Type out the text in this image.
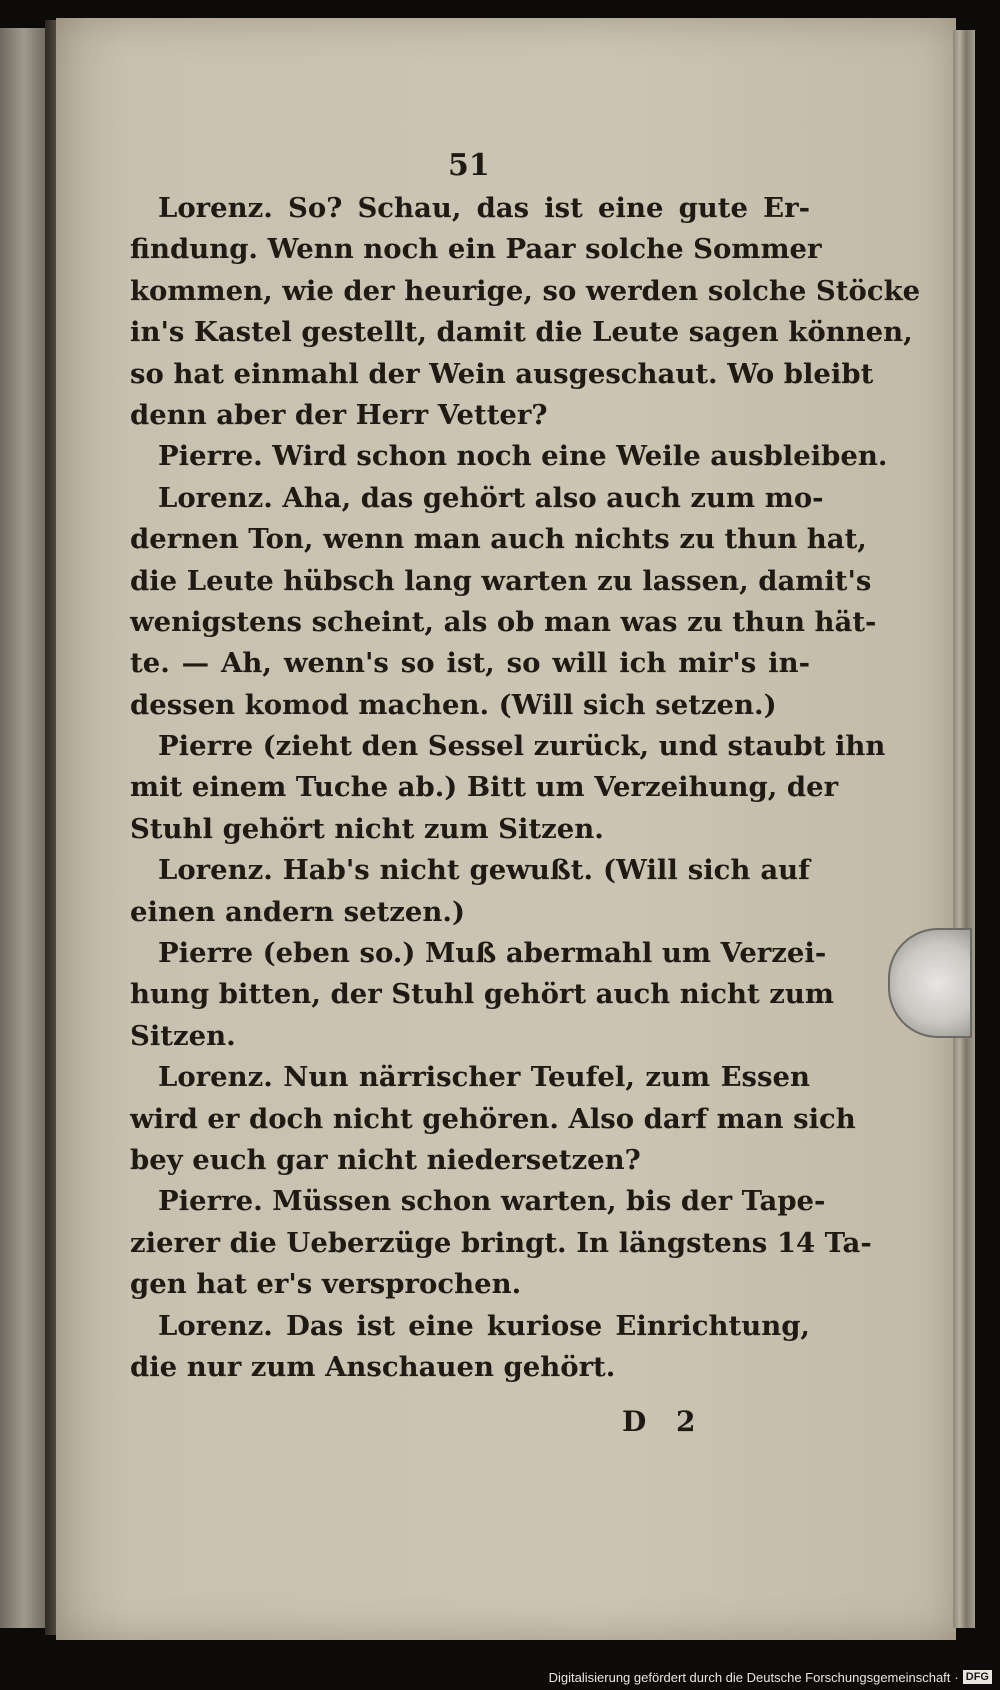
51
Lorenz. So? Schau, das ist eine gute Er‑
findung. Wenn noch ein Paar solche Sommer
kommen, wie der heurige, so werden solche Stöcke
in's Kastel gestellt, damit die Leute sagen können,
so hat einmahl der Wein ausgeschaut. Wo bleibt
denn aber der Herr Vetter?
Pierre. Wird schon noch eine Weile ausbleiben.
Lorenz. Aha, das gehört also auch zum mo‑
dernen Ton, wenn man auch nichts zu thun hat,
die Leute hübsch lang warten zu lassen, damit's
wenigstens scheint, als ob man was zu thun hät‑
te. — Ah, wenn's so ist, so will ich mir's in‑
dessen komod machen. (Will sich setzen.)
Pierre (zieht den Sessel zurück, und staubt ihn
mit einem Tuche ab.) Bitt um Verzeihung, der
Stuhl gehört nicht zum Sitzen.
Lorenz. Hab's nicht gewußt. (Will sich auf
einen andern setzen.)
Pierre (eben so.) Muß abermahl um Verzei‑
hung bitten, der Stuhl gehört auch nicht zum
Sitzen.
Lorenz. Nun närrischer Teufel, zum Essen
wird er doch nicht gehören. Also darf man sich
bey euch gar nicht niedersetzen?
Pierre. Müssen schon warten, bis der Tape‑
zierer die Ueberzüge bringt. In längstens 14 Ta‑
gen hat er's versprochen.
Lorenz. Das ist eine kuriose Einrichtung,
die nur zum Anschauen gehört.
D 2
Digitalisierung gefördert durch die Deutsche Forschungsgemeinschaft · DFG
